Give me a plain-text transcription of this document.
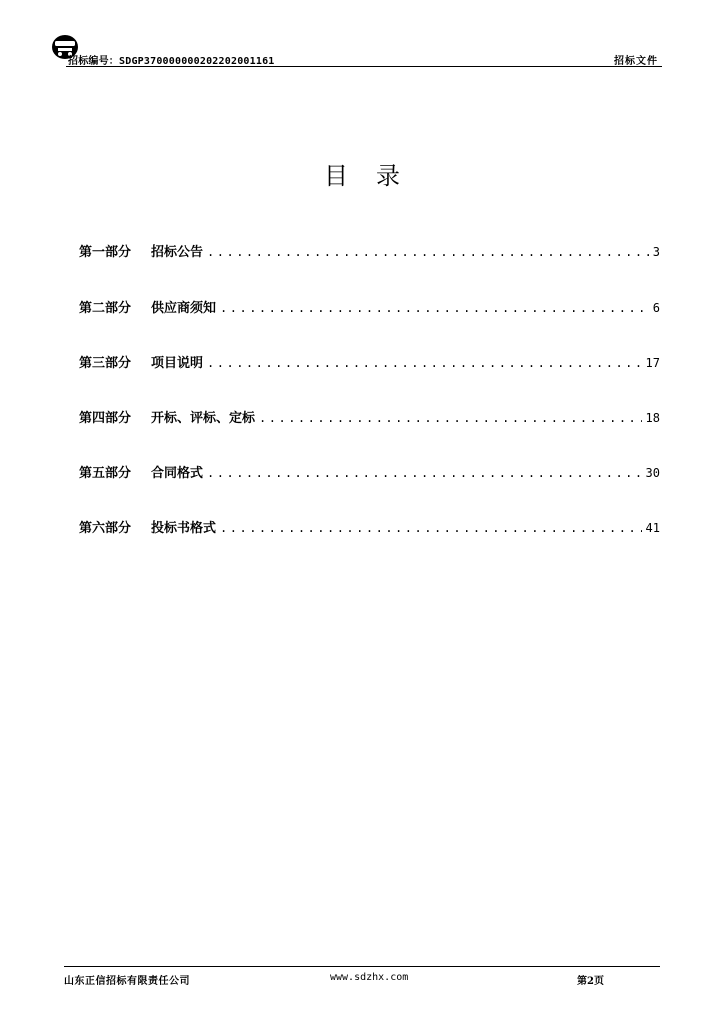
招标编号：SDGP370000000202202001161	招标文件
目录
第一部分	招标公告 .....	3
第二部分	供应商须知 .....	6
第三部分	项目说明 .....	17
第四部分	开标、评标、定标 .....	18
第五部分	合同格式 .....	30
第六部分	投标书格式 .....	41
山东正信招标有限责任公司	www.sdzhx.com	第2页
